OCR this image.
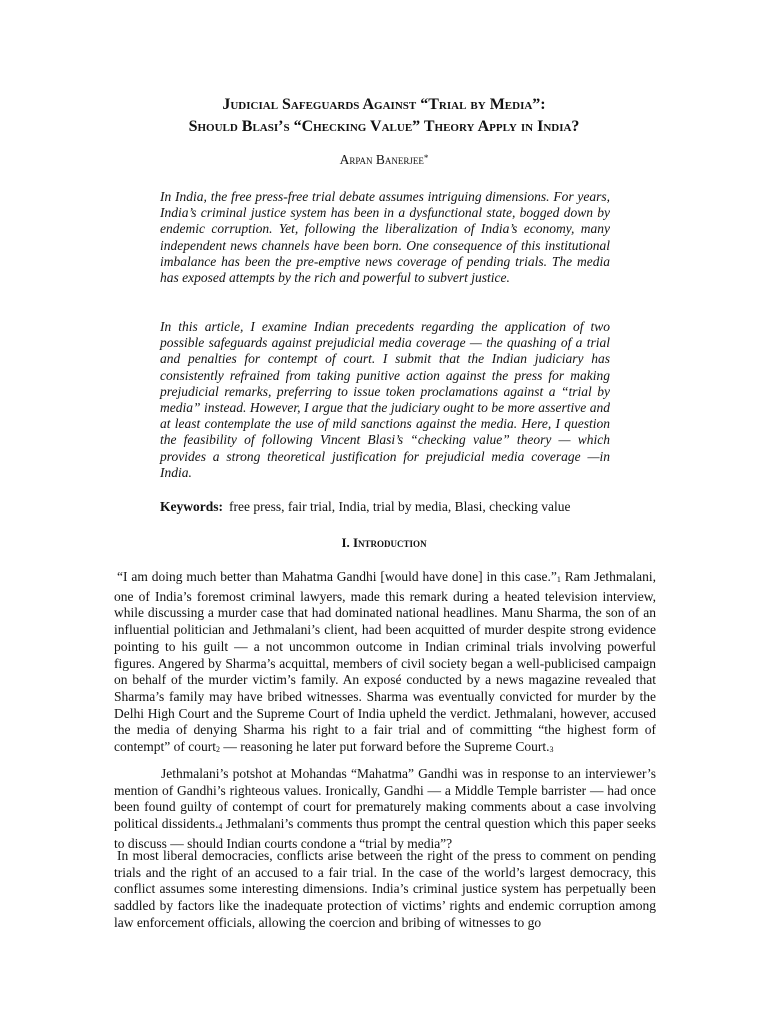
Judicial Safeguards Against “Trial by Media”:
Should Blasi’s “Checking Value” Theory Apply in India?

Arpan Banerjee*

In India, the free press-free trial debate assumes intriguing dimensions. For years, India’s criminal justice system has been in a dysfunctional state, bogged down by endemic corruption. Yet, following the liberalization of India’s economy, many independent news channels have been born. One consequence of this institutional imbalance has been the pre-emptive news coverage of pending trials. The media has exposed attempts by the rich and powerful to subvert justice.

In this article, I examine Indian precedents regarding the application of two possible safeguards against prejudicial media coverage — the quashing of a trial and penalties for contempt of court. I submit that the Indian judiciary has consistently refrained from taking punitive action against the press for making prejudicial remarks, preferring to issue token proclamations against a “trial by media” instead. However, I argue that the judiciary ought to be more assertive and at least contemplate the use of mild sanctions against the media. Here, I question the feasibility of following Vincent Blasi’s “checking value” theory — which provides a strong theoretical justification for prejudicial media coverage —in India.

Keywords: free press, fair trial, India, trial by media, Blasi, checking value

I. Introduction

“I am doing much better than Mahatma Gandhi [would have done] in this $case.”_1$ Ram Jethmalani, one of India’s foremost criminal lawyers, made this remark during a heated television interview, while discussing a murder case that had dominated national headlines. Manu Sharma, the son of an influential politician and Jethmalani’s client, had been acquitted of murder despite strong evidence pointing to his guilt — a not uncommon outcome in Indian criminal trials involving powerful figures. Angered by Sharma’s acquittal, members of civil society began a well-publicised campaign on behalf of the murder victim’s family. An exposé conducted by a news magazine revealed that Sharma’s family may have bribed witnesses. Sharma was eventually convicted for murder by the Delhi High Court and the Supreme Court of India upheld the verdict. Jethmalani, however, accused the media of denying Sharma his right to a fair trial and of committing “the highest form of contempt” of court$_2$ — reasoning he later put forward before the Supreme $Court._3$

Jethmalani’s potshot at Mohandas “Mahatma” Gandhi was in response to an interviewer’s mention of Gandhi’s righteous values. Ironically, Gandhi — a Middle Temple barrister — had once been found guilty of contempt of court for prematurely making comments about a case involving political $dissidents._4$ Jethmalani’s comments thus prompt the central question which this paper seeks to discuss — should Indian courts condone a “trial by media”?

In most liberal democracies, conflicts arise between the right of the press to comment on pending trials and the right of an accused to a fair trial. In the case of the world’s largest democracy, this conflict assumes some interesting dimensions. India’s criminal justice system has perpetually been saddled by factors like the inadequate protection of victims’ rights and endemic corruption among law enforcement officials, allowing the coercion and bribing of witnesses to go
